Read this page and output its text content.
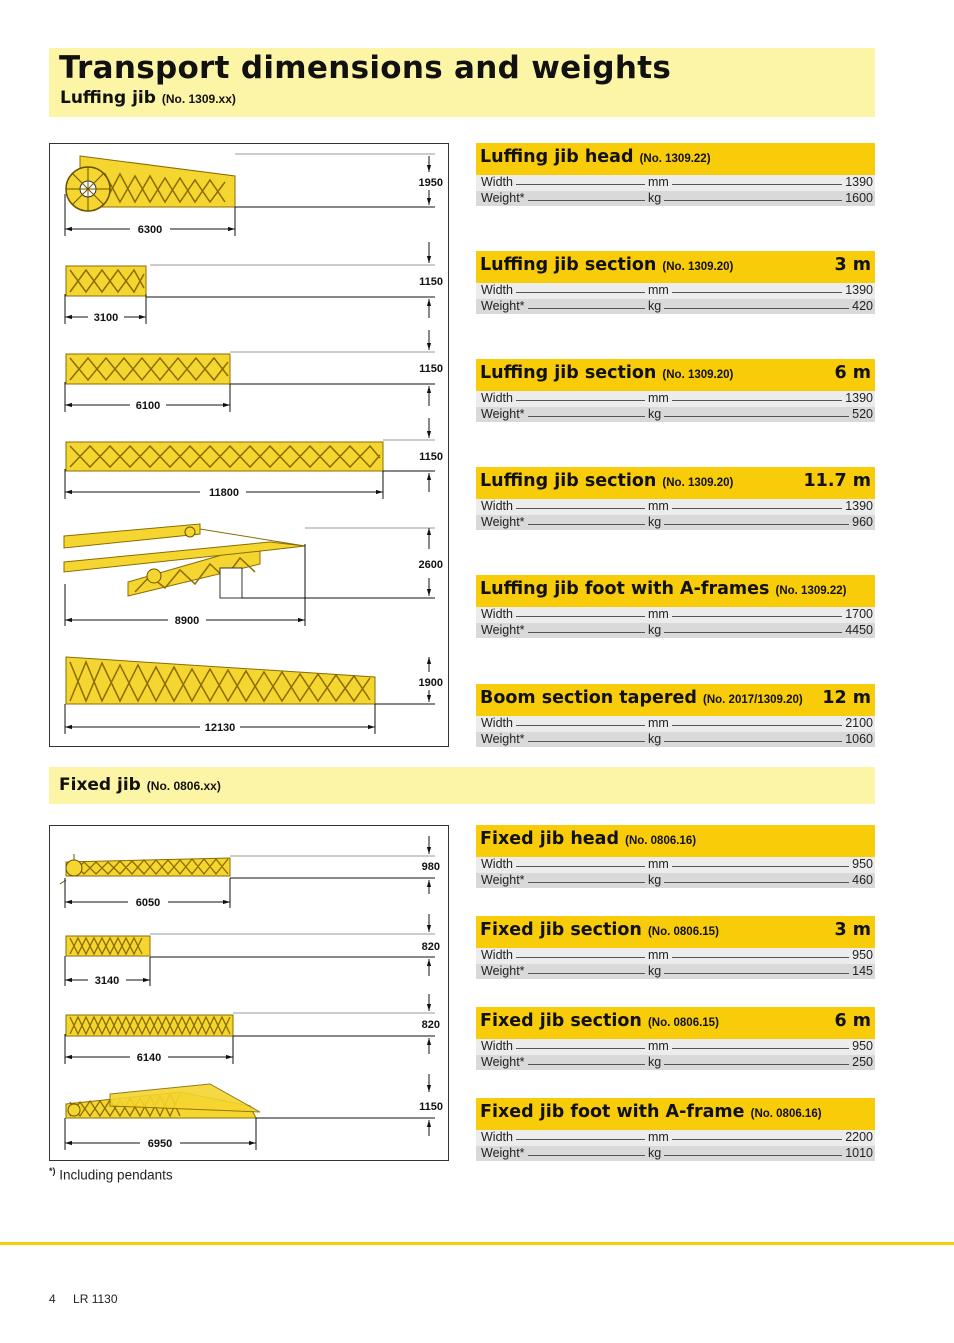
Transport dimensions and weights
Luffing jib (No. 1309.xx)
1950
6300
1150
3100
1150
6100
1150
11800
2600
8900
1900
12130
Luffing jib head (No. 1309.22)
Width	mm	1390
Weight*	kg	1600
Luffing jib section (No. 1309.20)	3 m
Width	mm	1390
Weight*	kg	420
Luffing jib section (No. 1309.20)	6 m
Width	mm	1390
Weight*	kg	520
Luffing jib section (No. 1309.20)	11.7 m
Width	mm	1390
Weight*	kg	960
Luffing jib foot with A-frames (No. 1309.22)
Width	mm	1700
Weight*	kg	4450
Boom section tapered (No. 2017/1309.20) 12 m
Width	mm	2100
Weight*	kg	1060
Fixed jib (No. 0806.xx)
980
6050
820
3140
820
6140
1150
6950
Fixed jib head (No. 0806.16)
Width	mm	950
Weight*	kg	460
Fixed jib section (No. 0806.15)	3 m
Width	mm	950
Weight*	kg	145
Fixed jib section (No. 0806.15)	6 m
Width	mm	950
Weight*	kg	250
Fixed jib foot with A-frame (No. 0806.16)
Width	mm	2200
Weight*	kg	1010
*) Including pendants
4 LR 1130
